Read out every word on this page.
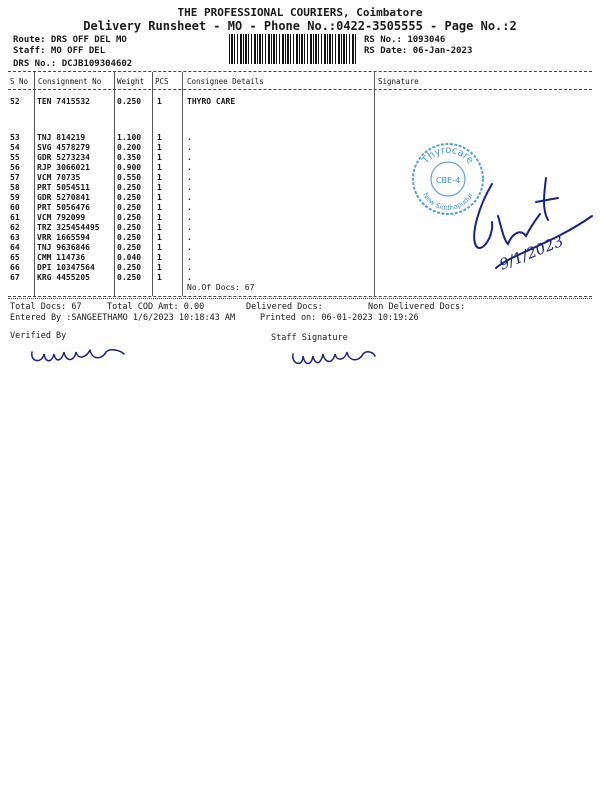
THE PROFESSIONAL COURIERS, Coimbatore
Delivery Runsheet - MO - Phone No.:0422-3505555 - Page No.:2
Route: DRS OFF DEL MO
Staff: MO OFF DEL
DRS No.: DCJB109304602
RS No.: 1093046
RS Date: 06-Jan-2023
S No Consignment No Weight PCS Consignee Details	Signature
52 TEN 7415532	0.250 1	THYRO CARE
53 TNJ 814219	1.100 1	.
54 SVG 4578279	0.200 1	.
55 GDR 5273234	0.350 1	.
56 RJP 3066021	0.900 1	.
57 VCM 70735	0.550 1	.
58 PRT 5054511	0.250 1	.
59 GDR 5270841	0.250 1	.
60 PRT 5056476	0.250 1	.
61 VCM 792099	0.250 1	.
62 TRZ 325454495 0.250 1	.
63 VRR 1665594	0.250 1	.
64 TNJ 9636846	0.250 1	.
65 CMM 114736	0.040 1	.
66 DPI 10347564	0.250 1	.
67 KRG 4455205	0.250 1	.
No.Of Docs: 67
Thyrocare
CBE-4
New Siddhapudur
9/1/2023
Total Docs: 67	Total COD Amt: 0.00	Delivered Docs:	Non Delivered Docs:
Entered By :SANGEETHAMO 1/6/2023 10:18:43 AM	Printed on: 06-01-2023 10:19:26
Verified By	Staff Signature
